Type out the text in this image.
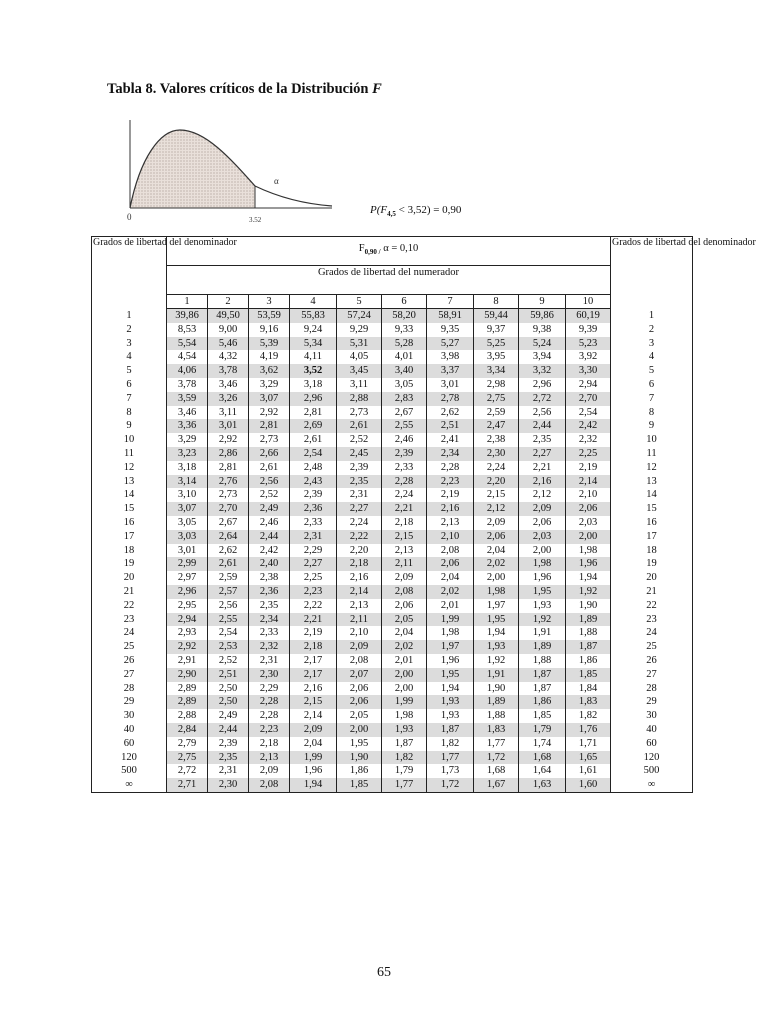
Tabla 8. Valores críticos de la Distribución F
α
0	3.52
$P(F_{4,5} < 3,52) = 0,90$
Grados de libertad del denominador	$F_{0,90 /}$ α = 0,10										Grados de libertad del denominador
	Grados de libertad del numerador										
	1	2	3	4	5	6	7	8	9	10	
1	39,86	49,50	53,59	55,83	57,24	58,20	58,91	59,44	59,86	60,19	1
2	8,53	9,00	9,16	9,24	9,29	9,33	9,35	9,37	9,38	9,39	2
3	5,54	5,46	5,39	5,34	5,31	5,28	5,27	5,25	5,24	5,23	3
4	4,54	4,32	4,19	4,11	4,05	4,01	3,98	3,95	3,94	3,92	4
5	4,06	3,78	3,62	3,52	3,45	3,40	3,37	3,34	3,32	3,30	5
6	3,78	3,46	3,29	3,18	3,11	3,05	3,01	2,98	2,96	2,94	6
7	3,59	3,26	3,07	2,96	2,88	2,83	2,78	2,75	2,72	2,70	7
8	3,46	3,11	2,92	2,81	2,73	2,67	2,62	2,59	2,56	2,54	8
9	3,36	3,01	2,81	2,69	2,61	2,55	2,51	2,47	2,44	2,42	9
10	3,29	2,92	2,73	2,61	2,52	2,46	2,41	2,38	2,35	2,32	10
11	3,23	2,86	2,66	2,54	2,45	2,39	2,34	2,30	2,27	2,25	11
12	3,18	2,81	2,61	2,48	2,39	2,33	2,28	2,24	2,21	2,19	12
13	3,14	2,76	2,56	2,43	2,35	2,28	2,23	2,20	2,16	2,14	13
14	3,10	2,73	2,52	2,39	2,31	2,24	2,19	2,15	2,12	2,10	14
15	3,07	2,70	2,49	2,36	2,27	2,21	2,16	2,12	2,09	2,06	15
16	3,05	2,67	2,46	2,33	2,24	2,18	2,13	2,09	2,06	2,03	16
17	3,03	2,64	2,44	2,31	2,22	2,15	2,10	2,06	2,03	2,00	17
18	3,01	2,62	2,42	2,29	2,20	2,13	2,08	2,04	2,00	1,98	18
19	2,99	2,61	2,40	2,27	2,18	2,11	2,06	2,02	1,98	1,96	19
20	2,97	2,59	2,38	2,25	2,16	2,09	2,04	2,00	1,96	1,94	20
21	2,96	2,57	2,36	2,23	2,14	2,08	2,02	1,98	1,95	1,92	21
22	2,95	2,56	2,35	2,22	2,13	2,06	2,01	1,97	1,93	1,90	22
23	2,94	2,55	2,34	2,21	2,11	2,05	1,99	1,95	1,92	1,89	23
24	2,93	2,54	2,33	2,19	2,10	2,04	1,98	1,94	1,91	1,88	24
25	2,92	2,53	2,32	2,18	2,09	2,02	1,97	1,93	1,89	1,87	25
26	2,91	2,52	2,31	2,17	2,08	2,01	1,96	1,92	1,88	1,86	26
27	2,90	2,51	2,30	2,17	2,07	2,00	1,95	1,91	1,87	1,85	27
28	2,89	2,50	2,29	2,16	2,06	2,00	1,94	1,90	1,87	1,84	28
29	2,89	2,50	2,28	2,15	2,06	1,99	1,93	1,89	1,86	1,83	29
30	2,88	2,49	2,28	2,14	2,05	1,98	1,93	1,88	1,85	1,82	30
40	2,84	2,44	2,23	2,09	2,00	1,93	1,87	1,83	1,79	1,76	40
60	2,79	2,39	2,18	2,04	1,95	1,87	1,82	1,77	1,74	1,71	60
120	2,75	2,35	2,13	1,99	1,90	1,82	1,77	1,72	1,68	1,65	120
500	2,72	2,31	2,09	1,96	1,86	1,79	1,73	1,68	1,64	1,61	500
∞	2,71	2,30	2,08	1,94	1,85	1,77	1,72	1,67	1,63	1,60	∞
65
